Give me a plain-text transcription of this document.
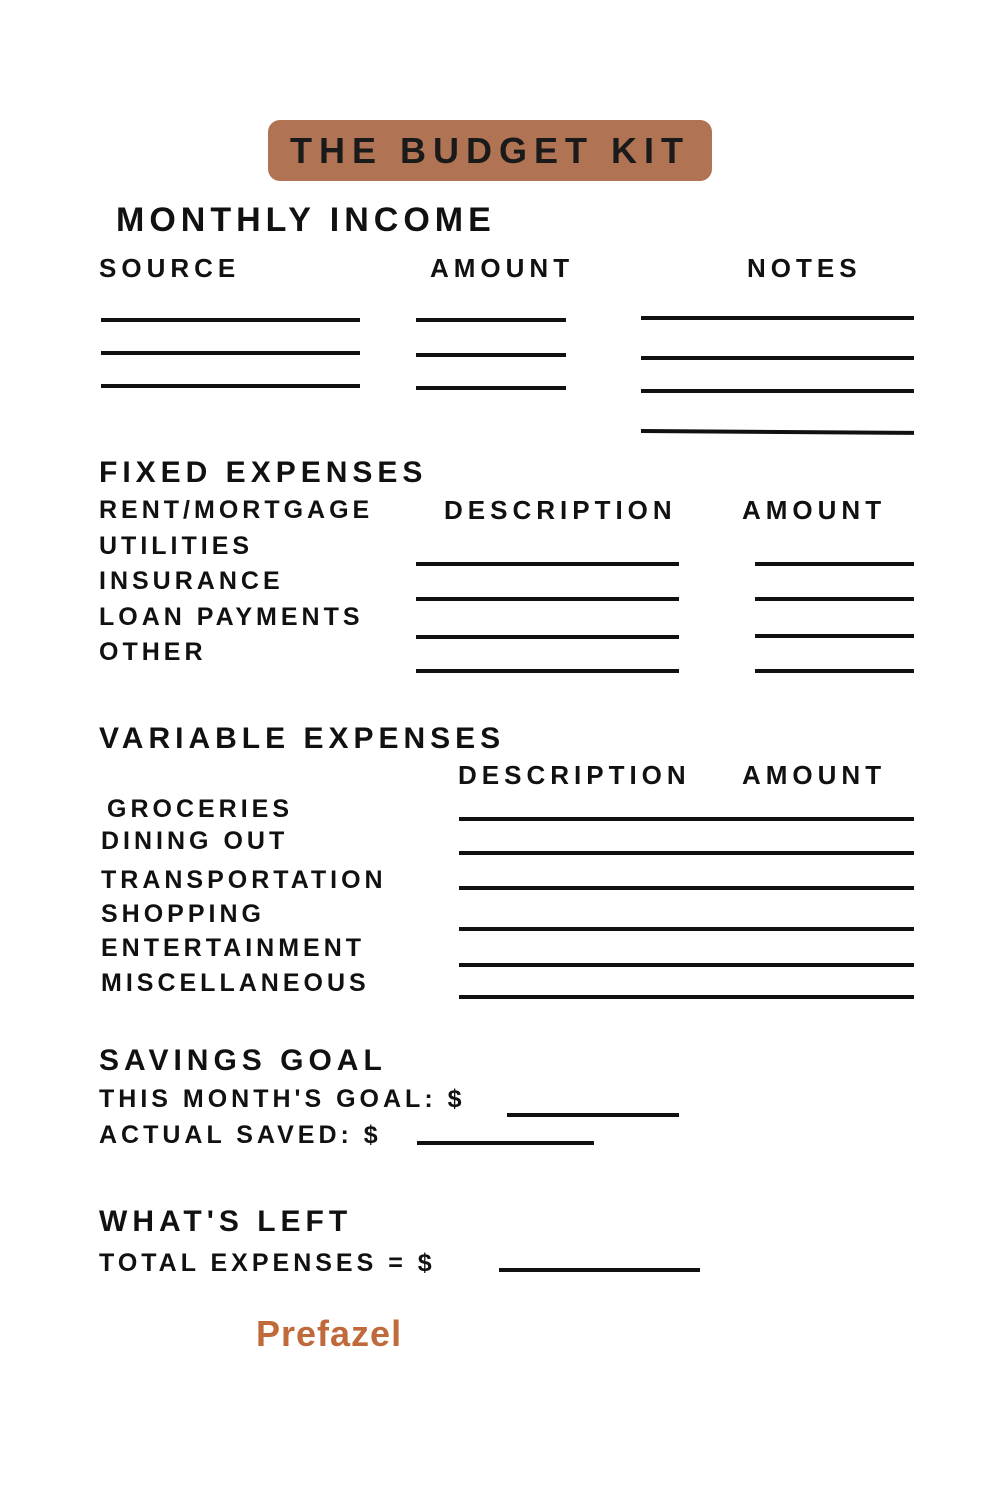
THE BUDGET KIT
MONTHLY INCOME
SOURCE	AMOUNT	NOTES
FIXED EXPENSES
DESCRIPTION	AMOUNT
RENT/MORTGAGE
UTILITIES
INSURANCE
LOAN PAYMENTS
OTHER
VARIABLE EXPENSES
DESCRIPTION AMOUNT
GROCERIES
DINING OUT
TRANSPORTATION
SHOPPING
ENTERTAINMENT
MISCELLANEOUS
SAVINGS GOAL
THIS MONTH'S GOAL: $
ACTUAL SAVED: $
WHAT'S LEFT
TOTAL EXPENSES = $
Prefazel
